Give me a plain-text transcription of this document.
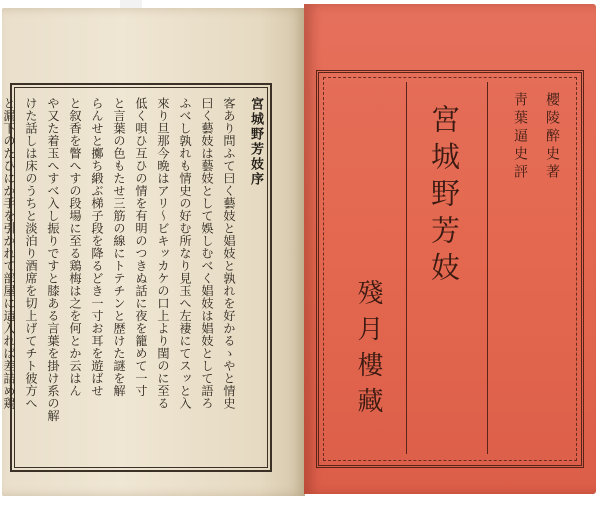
宮城野芳妓序
客あり問ふて曰く藝妓と娼妓と孰れを好かるゝやと情史
曰く藝妓は藝妓として娛しむべく娼妓は娼妓として語ろ
ふべし孰れも情史の好む所なり見玉へ左褄にてスッと入
來り旦那今晩はアリ～ビキッカケの口上より閨のに至る
低く唄ひ互ひの情を有明のつきぬ話に夜を籠めて一寸
と言葉の色もたせ三筋の線にトテチンと歴けた謎を解
らんせと擲ち緞ぶ梯子段を降るどき一寸お耳を遊ばせ
と叙香を瞥へすの段場に至る鶏梅は之を何とか云はん
や又た着玉へすべ入し振りですと膝ある言葉を掛け系の解
けた話しは床のうちと淡泊り酒席を切上げてチト彼方へ
と漏下のたひにか手を引かれて部屋に這入れば差詰め鶏	宮城野芳妓	櫻陵醉史著
靑葉逼史評
殘月樓藏
